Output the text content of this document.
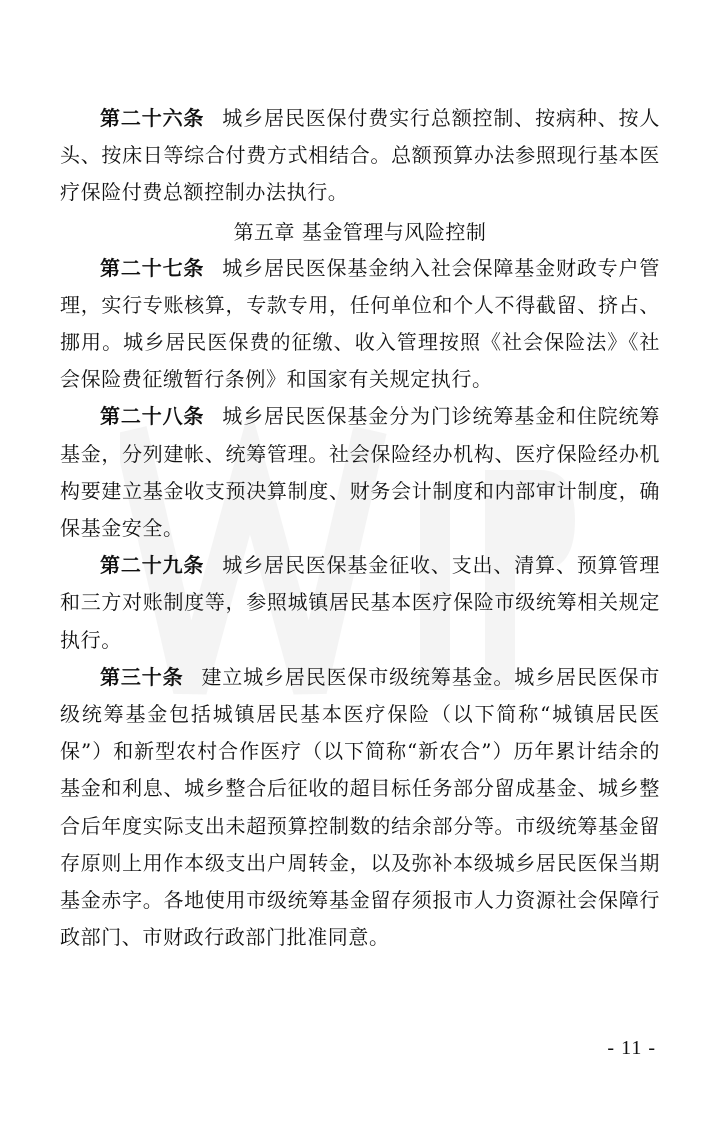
第二十六条 城乡居民医保付费实行总额控制、按病种、按人头、按床日等综合付费方式相结合。总额预算办法参照现行基本医疗保险付费总额控制办法执行。

第五章 基金管理与风险控制

第二十七条 城乡居民医保基金纳入社会保障基金财政专户管理，实行专账核算，专款专用，任何单位和个人不得截留、挤占、挪用。城乡居民医保费的征缴、收入管理按照《社会保险法》《社会保险费征缴暂行条例》和国家有关规定执行。

第二十八条 城乡居民医保基金分为门诊统筹基金和住院统筹基金，分列建帐、统筹管理。社会保险经办机构、医疗保险经办机构要建立基金收支预决算制度、财务会计制度和内部审计制度，确保基金安全。

第二十九条 城乡居民医保基金征收、支出、清算、预算管理和三方对账制度等，参照城镇居民基本医疗保险市级统筹相关规定执行。

第三十条 建立城乡居民医保市级统筹基金。城乡居民医保市级统筹基金包括城镇居民基本医疗保险（以下简称“城镇居民医保”）和新型农村合作医疗（以下简称“新农合”）历年累计结余的基金和利息、城乡整合后征收的超目标任务部分留成基金、城乡整合后年度实际支出未超预算控制数的结余部分等。市级统筹基金留存原则上用作本级支出户周转金，以及弥补本级城乡居民医保当期基金赤字。各地使用市级统筹基金留存须报市人力资源社会保障行政部门、市财政行政部门批准同意。

- 11 -
